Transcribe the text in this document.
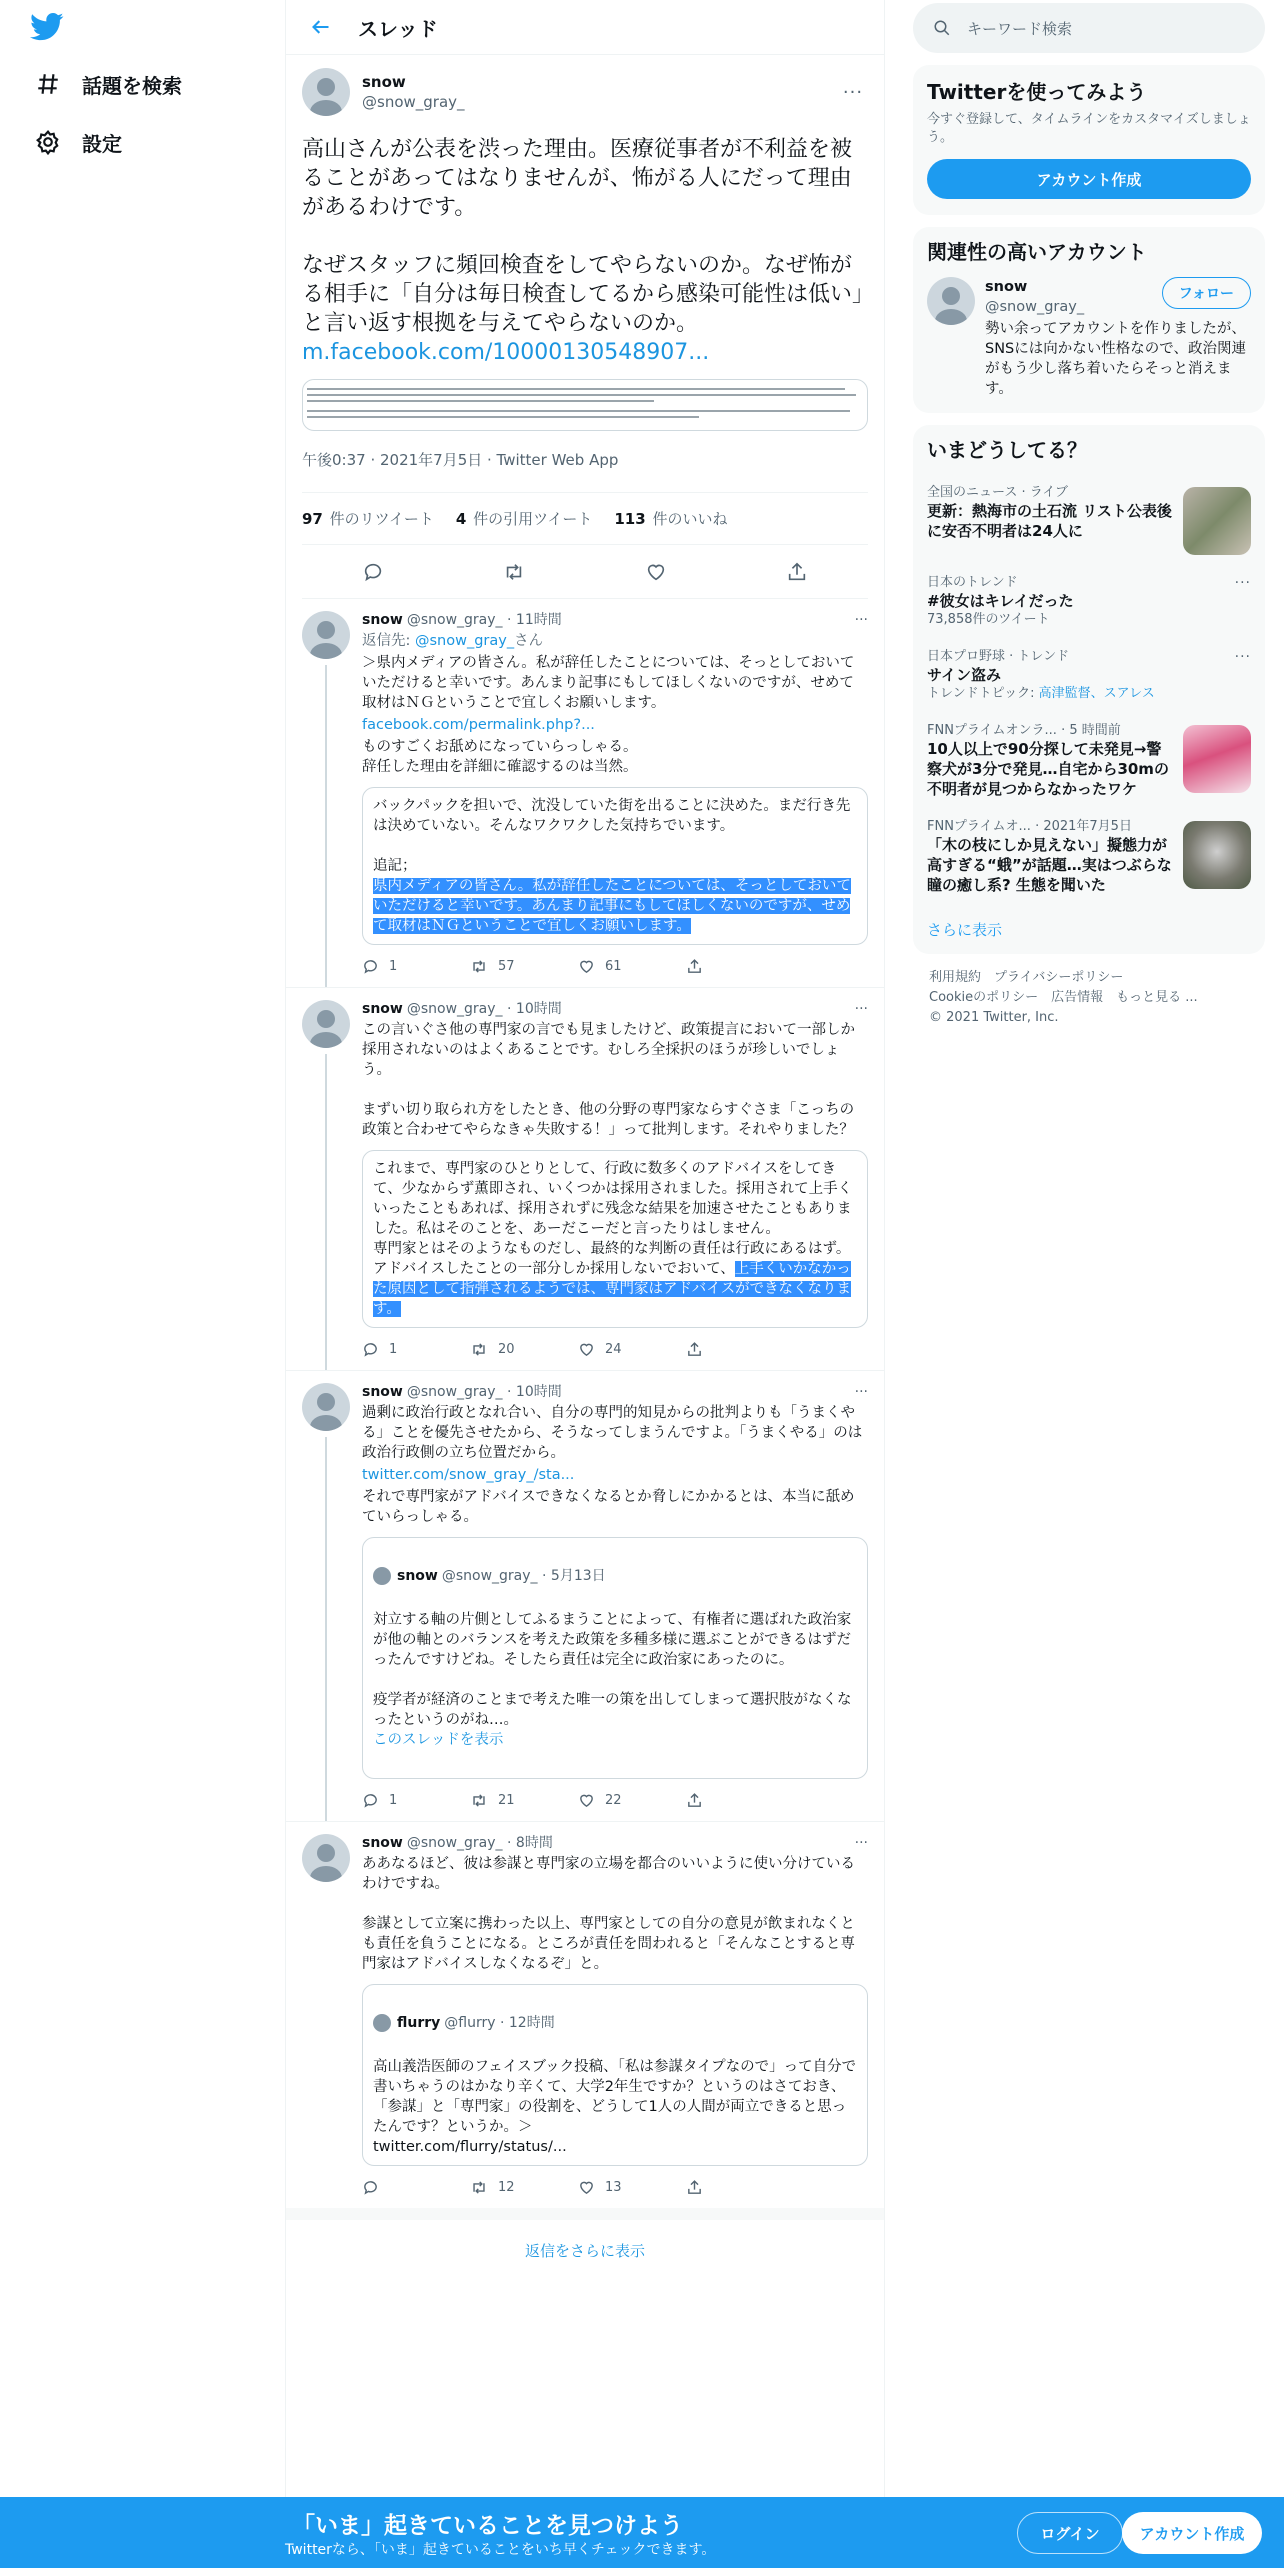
話題を検索
設定
スレッド
snow
@snow_gray_	···
高山さんが公表を渋った理由。医療従事者が不利益を被ることがあってはなりませんが、怖がる人にだって理由があるわけです。

なぜスタッフに頻回検査をしてやらないのか。なぜ怖がる相手に「自分は毎日検査してるから感染可能性は低い」と言い返す根拠を与えてやらないのか。
m.facebook.com/10000130548907...
午後0:37 · 2021年7月5日 · Twitter Web App
97 件のリツイート 4 件の引用ツイート 113 件のいいね
snow @snow_gray_
· 11時間	···
返信先: @snow_gray_さん
＞県内メディアの皆さん。私が辞任したことについては、そっとしておいていただけると幸いです。あんまり記事にもしてほしくないのですが、せめて取材はＮＧということで宜しくお願いします。
facebook.com/permalink.php?...
ものすごくお舐めになっていらっしゃる。
辞任した理由を詳細に確認するのは当然。
バックパックを担いで、沈没していた街を出ることに決めた。まだ行き先は決めていない。そんなワクワクした気持ちでいます。

追記；
県内メディアの皆さん。私が辞任したことについては、そっとしておいていただけると幸いです。あんまり記事にもしてほしくないのですが、せめて取材はＮＧということで宜しくお願いします。
1	57	61
snow @snow_gray_
· 10時間	···
この言いぐさ他の専門家の言でも見ましたけど、政策提言において一部しか採用されないのはよくあることです。むしろ全採択のほうが珍しいでしょう。

まずい切り取られ方をしたとき、他の分野の専門家ならすぐさま「こっちの政策と合わせてやらなきゃ失敗する！」って批判します。それやりました？
これまで、専門家のひとりとして、行政に数多くのアドバイスをしてきて、少なからず薫即され、いくつかは採用されました。採用されて上手くいったこともあれば、採用されずに残念な結果を加速させたこともありました。私はそのことを、あーだこーだと言ったりはしません。
専門家とはそのようなものだし、最終的な判断の責任は行政にあるはず。アドバイスしたことの一部分しか採用しないでおいて、上手くいかなかった原因として指弾されるようでは、専門家はアドバイスができなくなります。
1	20	24
snow @snow_gray_
· 10時間	···
過剰に政治行政となれ合い、自分の専門的知見からの批判よりも「うまくやる」ことを優先させたから、そうなってしまうんですよ。「うまくやる」のは政治行政側の立ち位置だから。
twitter.com/snow_gray_/sta...
それで専門家がアドバイスできなくなるとか脅しにかかるとは、本当に舐めていらっしゃる。

snow @snow_gray_
· 5月13日

対立する軸の片側としてふるまうことによって、有権者に選ばれた政治家が他の軸とのバランスを考えた政策を多種多様に選ぶことができるはずだったんですけどね。そしたら責任は完全に政治家にあったのに。

疫学者が経済のことまで考えた唯一の策を出してしまって選択肢がなくなったというのがね…。

このスレッドを表示

1	21	22
snow @snow_gray_
· 8時間	···
ああなるほど、彼は参謀と専門家の立場を都合のいいように使い分けているわけですね。

参謀として立案に携わった以上、専門家としての自分の意見が飲まれなくとも責任を負うことになる。ところが責任を問われると「そんなことすると専門家はアドバイスしなくなるぞ」と。

flurry @flurry
· 12時間

高山義浩医師のフェイスブック投稿、「私は参謀タイプなので」って自分で書いちゃうのはかなり辛くて、大学2年生ですか？というのはさておき、「参謀」と「専門家」の役割を、どうして1人の人間が両立できると思ったんです？というか。＞
twitter.com/flurry/status/...

12	13
返信をさらに表示
キーワード検索
Twitterを使ってみよう

今すぐ登録して、タイムラインをカスタマイズしましょう。

アカウント作成
関連性の高いアカウント
snow
@snow_gray_
フォロー
勢い余ってアカウントを作りましたが、SNSには向かない性格なので、政治関連がもう少し落ち着いたらそっと消えます。
いまどうしてる？
全国のニュース · ライブ
更新：熱海市の土石流 リスト公表後に安否不明者は24人に
日本のトレンド
#彼女はキレイだった
73,858件のツイート
···
日本プロ野球 · トレンド
サイン盗み
トレンドトピック: 高津監督、スアレス
···
FNNプライムオンラ... · 5 時間前
10人以上で90分探して未発見→警察犬が3分で発見…自宅から30mの不明者が見つからなかったワケ
FNNプライムオ... · 2021年7月5日
「木の枝にしか見えない」擬態力が高すぎる“蛾”が話題…実はつぶらな瞳の癒し系? 生態を聞いた
さらに表示
利用規約　プライバシーポリシー
Cookieのポリシー　広告情報　もっと見る ...
© 2021 Twitter, Inc.
「いま」起きていることを見つけよう
Twitterなら、「いま」起きていることをいち早くチェックできます。
ログイン	アカウント作成
